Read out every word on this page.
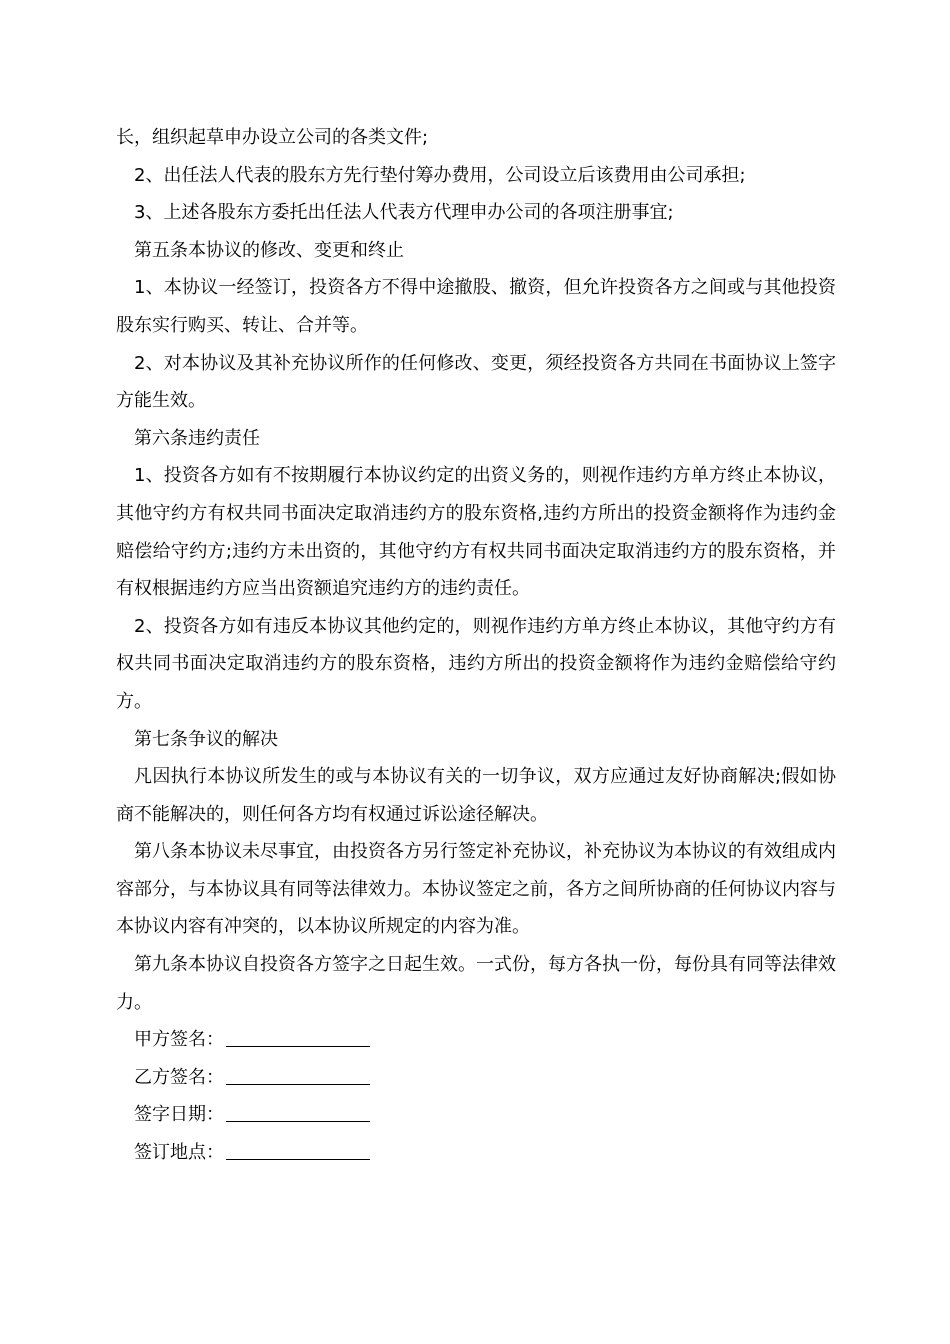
长，组织起草申办设立公司的各类文件;

2、出任法人代表的股东方先行垫付筹办费用，公司设立后该费用由公司承担;

3、上述各股东方委托出任法人代表方代理申办公司的各项注册事宜;

第五条本协议的修改、变更和终止

1、本协议一经签订，投资各方不得中途撤股、撤资，但允许投资各方之间或与其他投资股东实行购买、转让、合并等。

2、对本协议及其补充协议所作的任何修改、变更，须经投资各方共同在书面协议上签字方能生效。

第六条违约责任

1、投资各方如有不按期履行本协议约定的出资义务的，则视作违约方单方终止本协议，其他守约方有权共同书面决定取消违约方的股东资格,违约方所出的投资金额将作为违约金赔偿给守约方;违约方未出资的，其他守约方有权共同书面决定取消违约方的股东资格，并有权根据违约方应当出资额追究违约方的违约责任。

2、投资各方如有违反本协议其他约定的，则视作违约方单方终止本协议，其他守约方有权共同书面决定取消违约方的股东资格，违约方所出的投资金额将作为违约金赔偿给守约方。

第七条争议的解决

凡因执行本协议所发生的或与本协议有关的一切争议，双方应通过友好协商解决;假如协商不能解决的，则任何各方均有权通过诉讼途径解决。

第八条本协议未尽事宜，由投资各方另行签定补充协议，补充协议为本协议的有效组成内容部分，与本协议具有同等法律效力。本协议签定之前，各方之间所协商的任何协议内容与本协议内容有冲突的，以本协议所规定的内容为准。

第九条本协议自投资各方签字之日起生效。一式份，每方各执一份，每份具有同等法律效力。

甲方签名：
乙方签名：
签字日期：
签订地点：
